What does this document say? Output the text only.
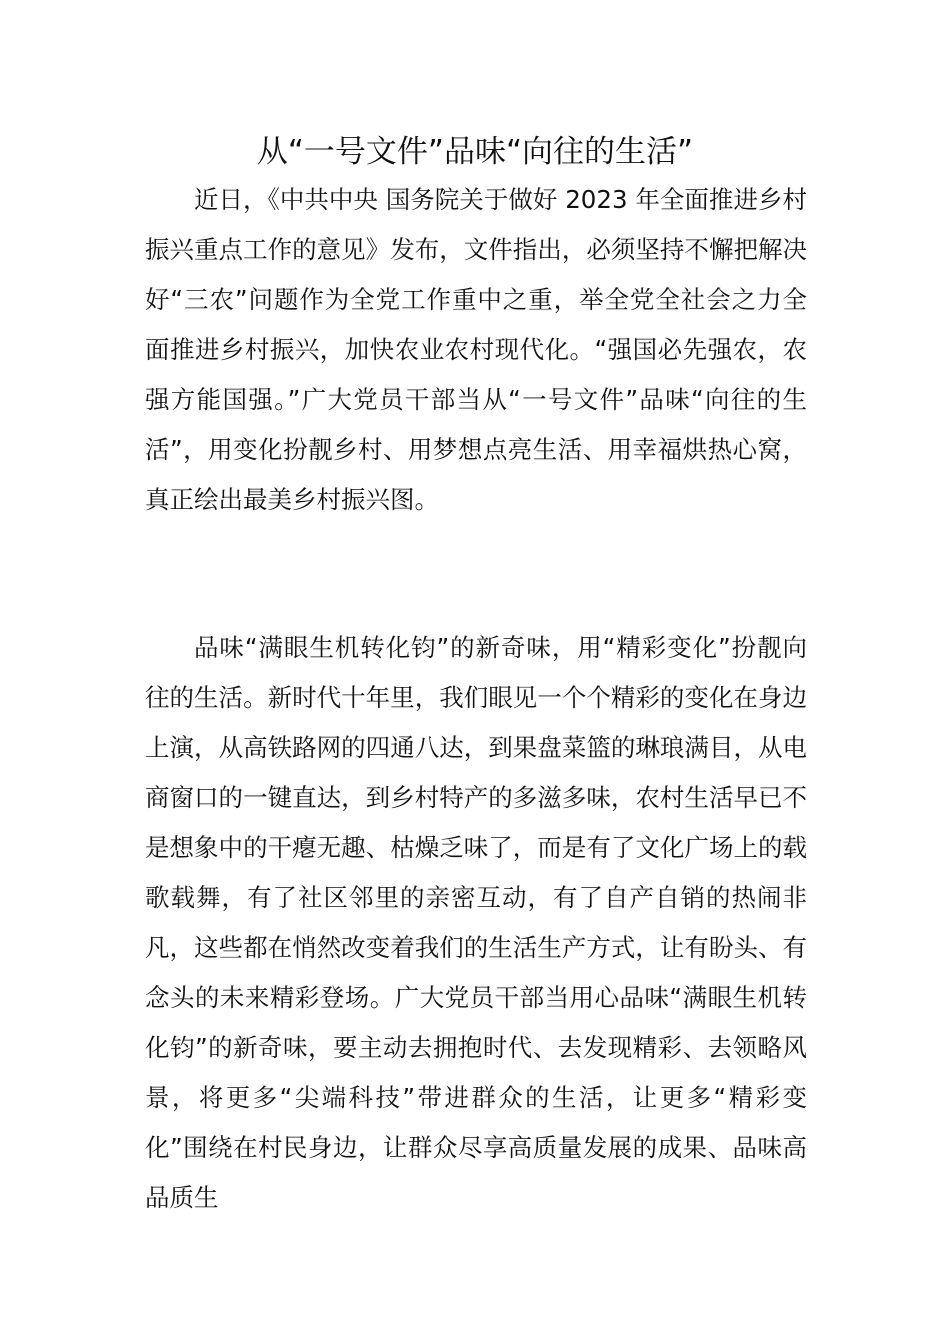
从“一号文件”品味“向往的生活”

近日，《中共中央 国务院关于做好 2023 年全面推进乡村振兴重点工作的意见》发布，文件指出，必须坚持不懈把解决好“三农”问题作为全党工作重中之重，举全党全社会之力全面推进乡村振兴，加快农业农村现代化。“强国必先强农，农强方能国强。”广大党员干部当从“一号文件”品味“向往的生活”，用变化扮靓乡村、用梦想点亮生活、用幸福烘热心窝，真正绘出最美乡村振兴图。

品味“满眼生机转化钧”的新奇味，用“精彩变化”扮靓向往的生活。新时代十年里，我们眼见一个个精彩的变化在身边上演，从高铁路网的四通八达，到果盘菜篮的琳琅满目，从电商窗口的一键直达，到乡村特产的多滋多味，农村生活早已不是想象中的干瘪无趣、枯燥乏味了，而是有了文化广场上的载歌载舞，有了社区邻里的亲密互动，有了自产自销的热闹非凡，这些都在悄然改变着我们的生活生产方式，让有盼头、有念头的未来精彩登场。广大党员干部当用心品味“满眼生机转化钧”的新奇味，要主动去拥抱时代、去发现精彩、去领略风景，将更多“尖端科技”带进群众的生活，让更多“精彩变化”围绕在村民身边，让群众尽享高质量发展的成果、品味高品质生
